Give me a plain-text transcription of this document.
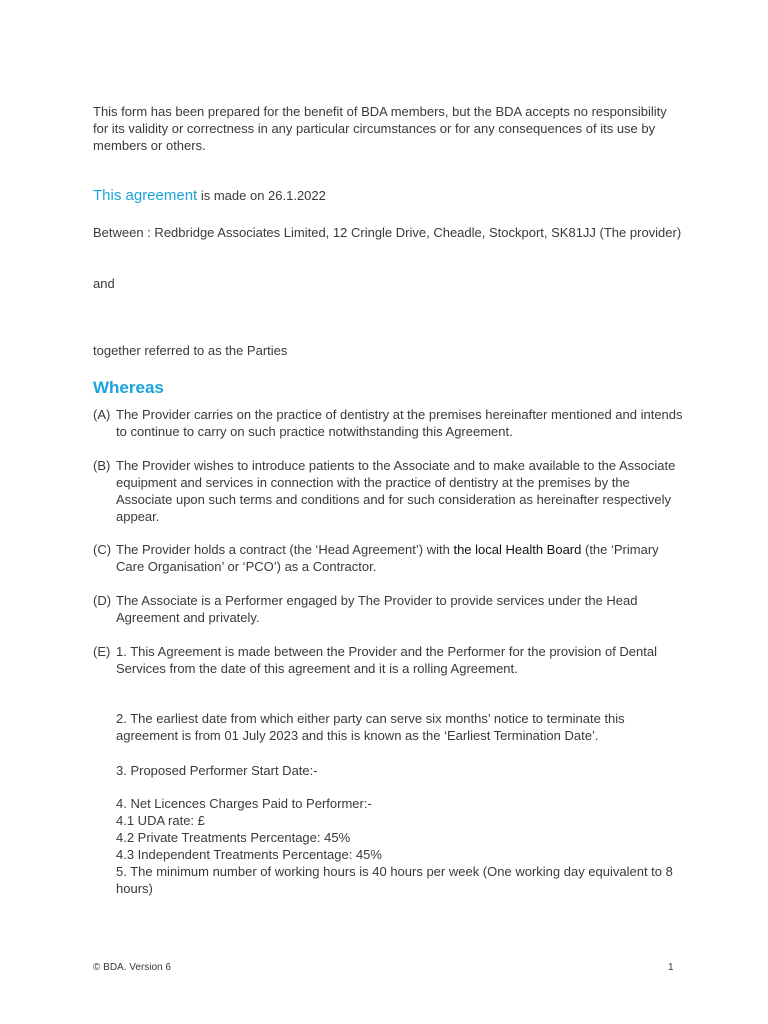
This form has been prepared for the benefit of BDA members, but the BDA accepts no responsibility for its validity or correctness in any particular circumstances or for any consequences of its use by members or others.

This agreement is made on 26.1.2022

Between : Redbridge Associates Limited, 12 Cringle Drive, Cheadle, Stockport, SK81JJ (The provider)

and

together referred to as the Parties

Whereas
(A) The Provider carries on the practice of dentistry at the premises hereinafter mentioned and intends to continue to carry on such practice notwithstanding this Agreement.
(B) The Provider wishes to introduce patients to the Associate and to make available to the Associate equipment and services in connection with the practice of dentistry at the premises by the Associate upon such terms and conditions and for such consideration as hereinafter respectively appear.
(C) The Provider holds a contract (the ‘Head Agreement’) with the local Health Board (the ‘Primary Care Organisation’ or ‘PCO’) as a Contractor.
(D) The Associate is a Performer engaged by The Provider to provide services under the Head Agreement and privately.
(E) 1. This Agreement is made between the Provider and the Performer for the provision of Dental Services from the date of this agreement and it is a rolling Agreement.

2. The earliest date from which either party can serve six months’ notice to terminate this agreement is from 01 July 2023 and this is known as the ‘Earliest Termination Date’.

3. Proposed Performer Start Date:-

4. Net Licences Charges Paid to Performer:-
4.1 UDA rate: £
4.2 Private Treatments Percentage: 45%
4.3 Independent Treatments Percentage: 45%
5. The minimum number of working hours is 40 hours per week (One working day equivalent to 8 hours)
© BDA. Version 6	1
